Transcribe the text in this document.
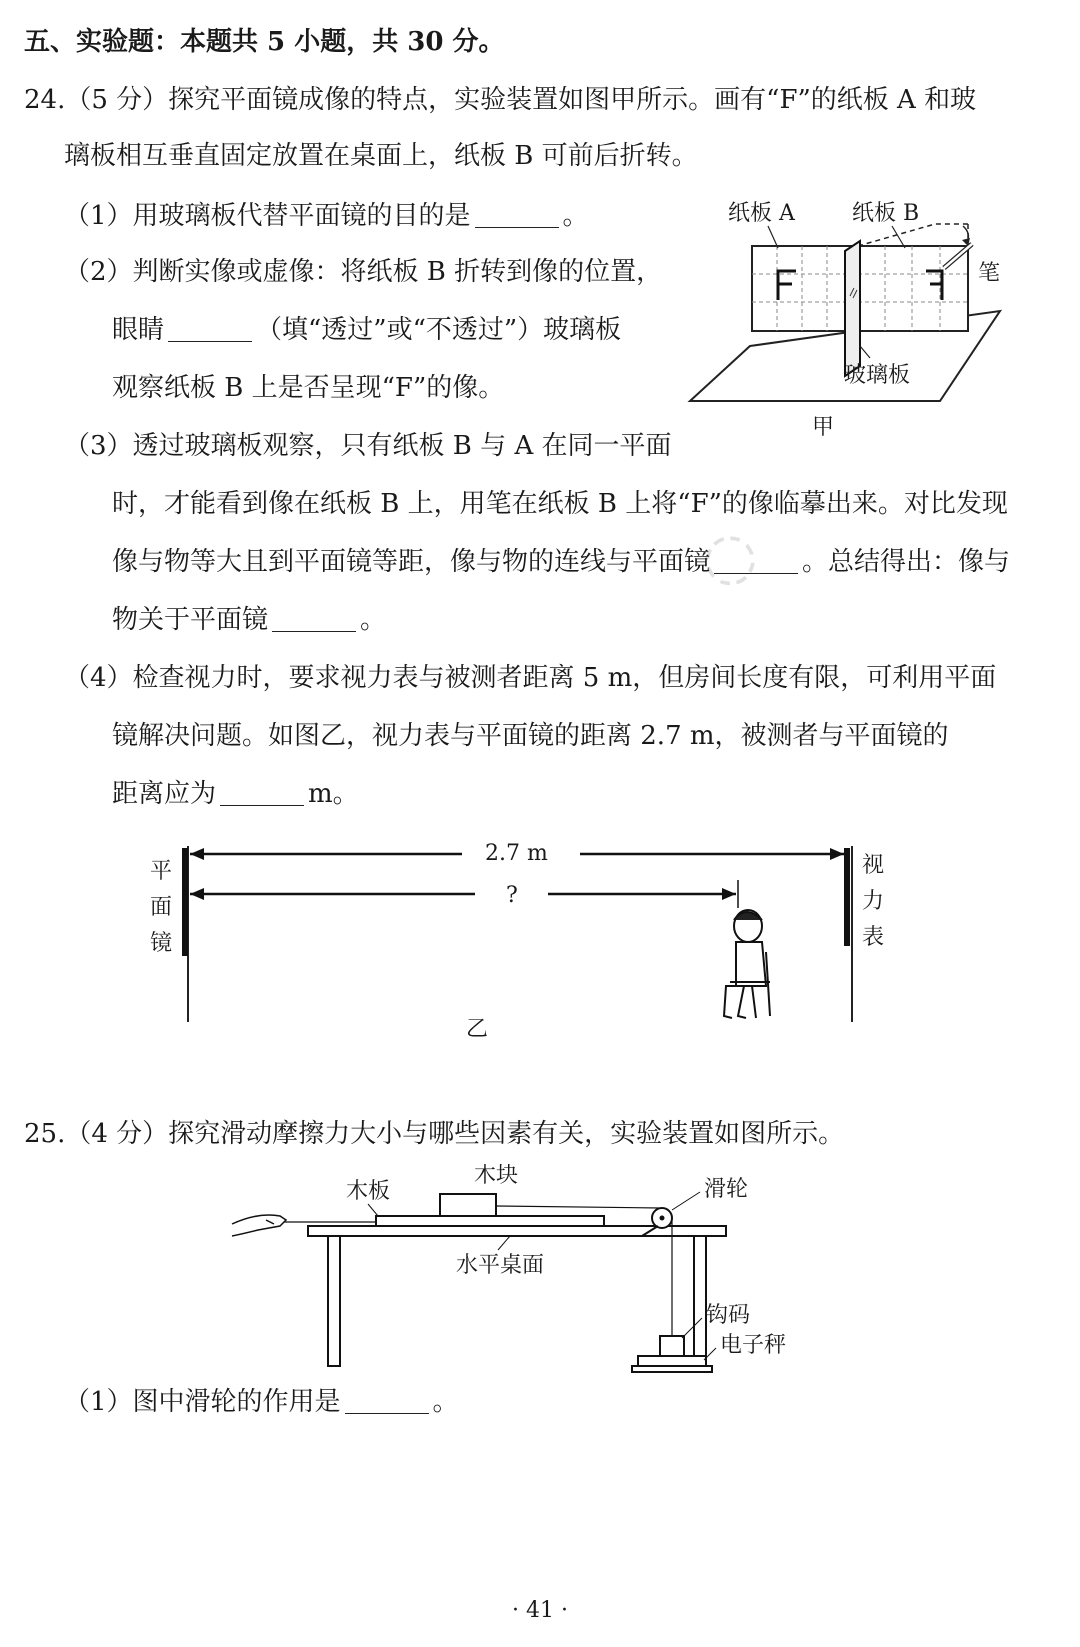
◌
五、实验题：本题共 5 小题，共 30 分。
24.（5 分）探究平面镜成像的特点，实验装置如图甲所示。画有“F”的纸板 A 和玻
璃板相互垂直固定放置在桌面上，纸板 B 可前后折转。
（1）用玻璃板代替平面镜的目的是	。
（2）判断实像或虚像：将纸板 B 折转到像的位置，
眼睛	（填“透过”或“不透过”）玻璃板
观察纸板 B 上是否呈现“F”的像。
（3）透过玻璃板观察，只有纸板 B 与 A 在同一平面
时，才能看到像在纸板 B 上，用笔在纸板 B 上将“F”的像临摹出来。对比发现
像与物等大且到平面镜等距，像与物的连线与平面镜	。总结得出：像与
物关于平面镜	。
（4）检查视力时，要求视力表与被测者距离 5 m，但房间长度有限，可利用平面
镜解决问题。如图乙，视力表与平面镜的距离 2.7 m，被测者与平面镜的
距离应为	m。
纸板 A	纸板 B
笔
玻璃板
甲
2.7 m
?
平
面
镜
视
力
表
乙
25.（4 分）探究滑动摩擦力大小与哪些因素有关，实验装置如图所示。
木板
木块
滑轮
水平桌面
钩码
电子秤
（1）图中滑轮的作用是	。
· 41 ·
